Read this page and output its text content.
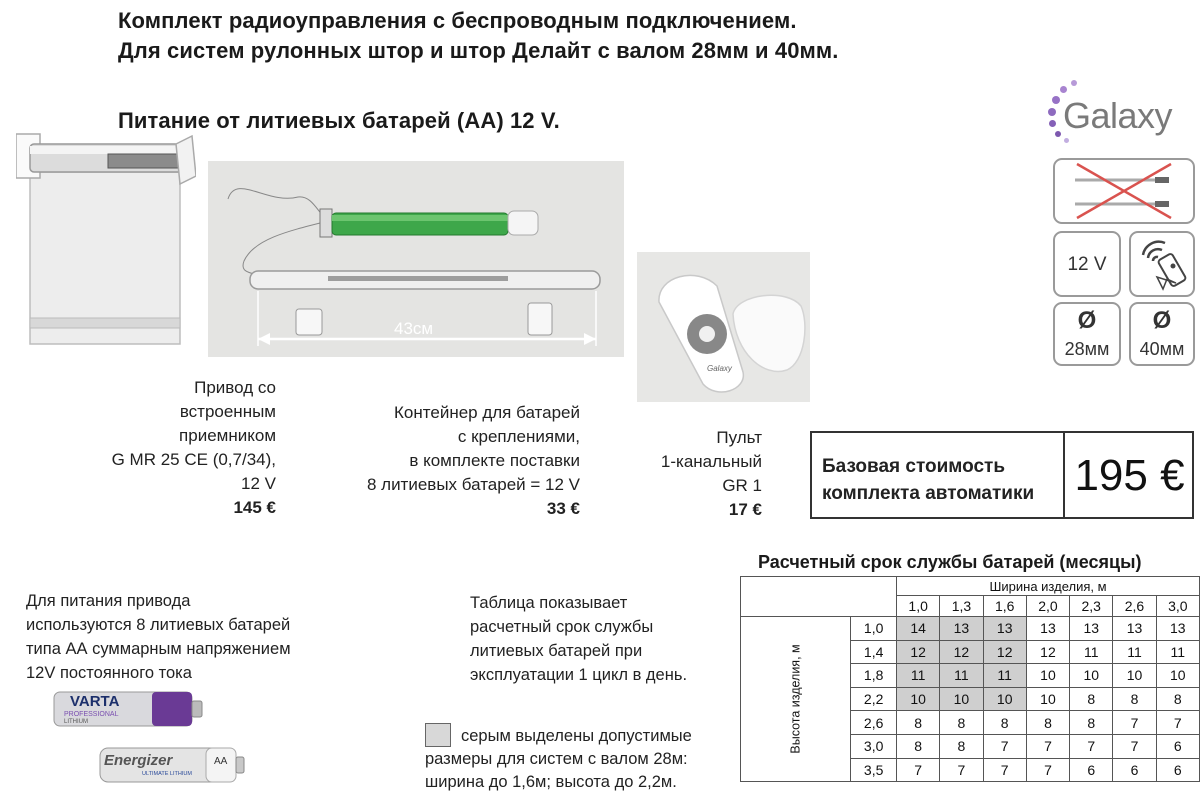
Комплект радиоуправления с беспроводным подключением.
Для систем рулонных штор и штор Делайт с валом 28мм и 40мм.
Питание от литиевых батарей (АА) 12 V.	Galaxy
12 V
Ø
28мм
Ø
40мм
43см
Galaxy
Привод со
встроенным
приемником
G MR 25 CE (0,7/34),
12 V
145 €
Контейнер для батарей
с креплениями,
в комплекте поставки
8 литиевых батарей = 12 V
33 €
Пульт
1-канальный
GR 1
17 €
Базовая стоимость
комплекта автоматики 195 €
Для питания привода
используются 8 литиевых батарей
типа АА суммарным напряжением
12V постоянного тока
VARTA
PROFESSIONAL
LITHIUM
Energizer
ULTIMATE LITHIUM
AA
Таблица показывает
расчетный срок службы
литиевых батарей при
эксплуатации 1 цикл в день.
серым выделены допустимые размеры для систем с валом 28м: ширина до 1,6м; высота до 2,2м.
Расчетный срок службы батарей (месяцы)
		Ширина изделия, м						
		1,0	1,3	1,6	2,0	2,3	2,6	3,0

Высота изделия, м	1,0	14	13	13	13	13	13	13
	1,4	12	12	12	12	11	11	11
	1,8	11	11	11	10	10	10	10
	2,2	10	10	10	10	8	8	8
	2,6	8	8	8	8	8	7	7
	3,0	8	8	7	7	7	7	6
	3,5	7	7	7	7	6	6	6
